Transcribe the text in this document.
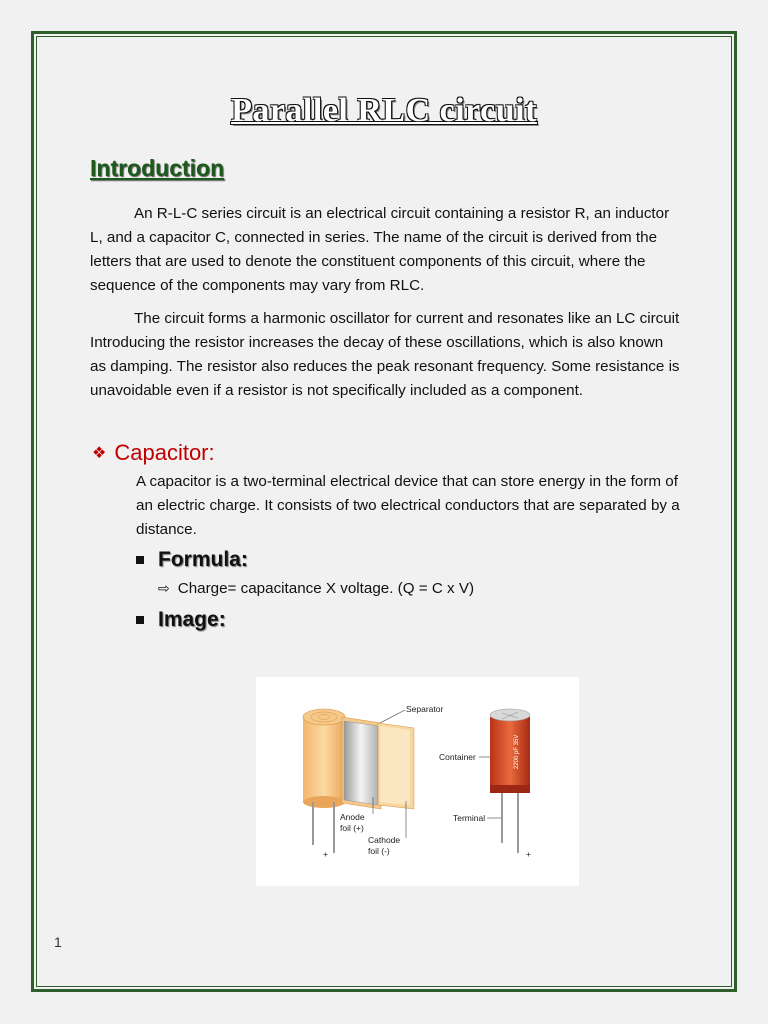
Parallel RLC circuit
Introduction

An R-L-C series circuit is an electrical circuit containing a resistor R, an inductor L, and a capacitor C, connected in series. The name of the circuit is derived from the letters that are used to denote the constituent components of this circuit, where the sequence of the components may vary from RLC.

The circuit forms a harmonic oscillator for current and resonates like an LC circuit Introducing the resistor increases the decay of these oscillations, which is also known as damping. The resistor also reduces the peak resonant frequency. Some resistance is unavoidable even if a resistor is not specifically included as a component.

❖ Capacitor:

A capacitor is a two-terminal electrical device that can store energy in the form of an electric charge. It consists of two electrical conductors that are separated by a distance.

Formula:
⇨ Charge= capacitance X voltage. (Q = C x V)
Image:
+
Separator
Anode
foil (+)
Cathode
foil (-)
2200 pF 35V
+
Container
Terminal
1
